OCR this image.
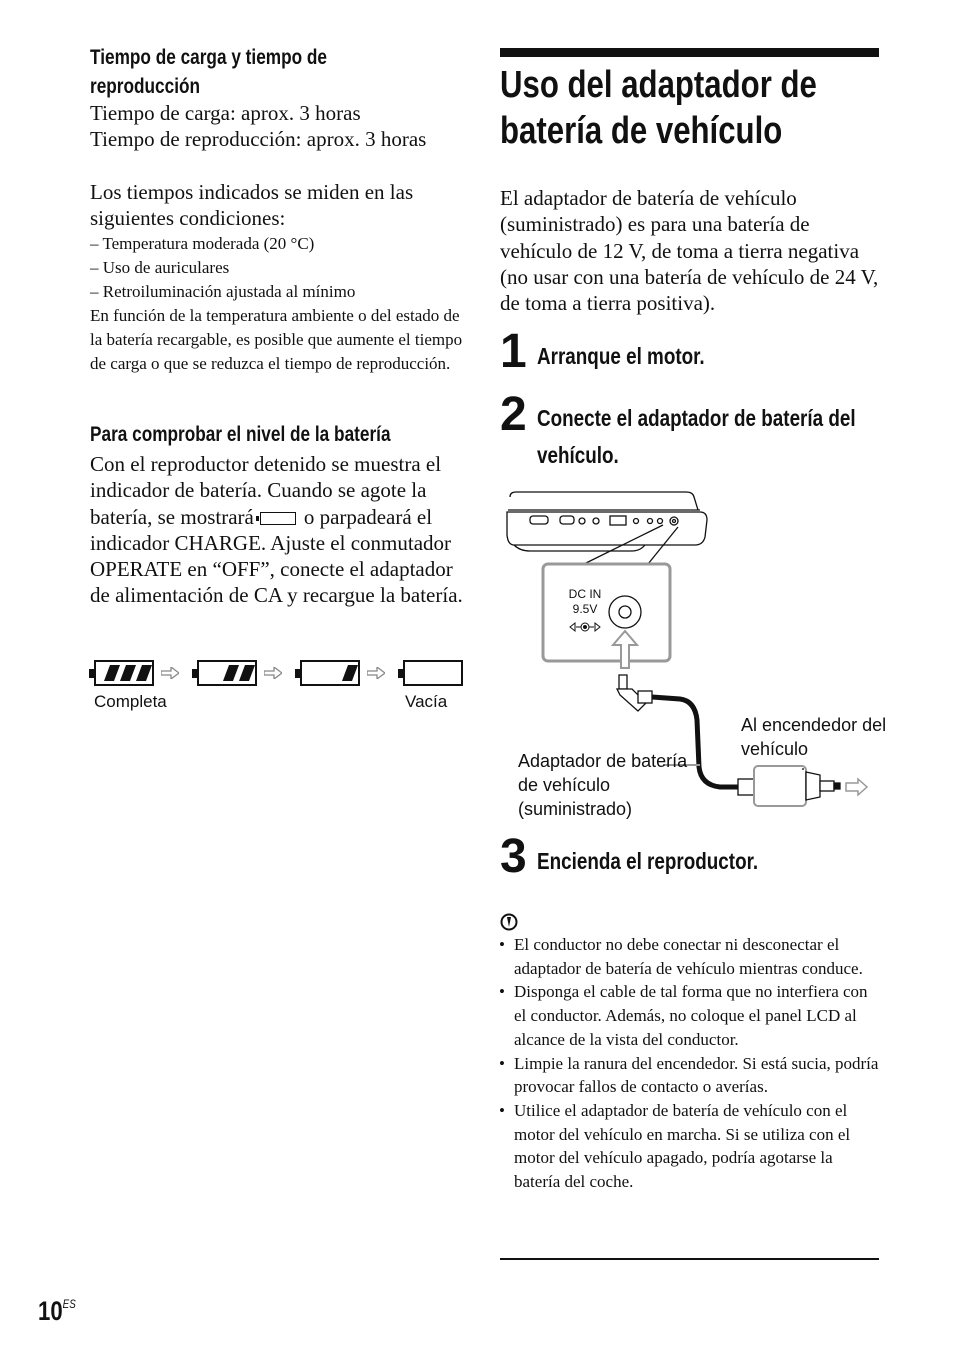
Tiempo de carga y tiempo de reproducción
Tiempo de carga: aprox. 3 horas
Tiempo de reproducción: aprox. 3 horas
Los tiempos indicados se miden en las siguientes condiciones:
– Temperatura moderada (20 °C)
– Uso de auriculares
– Retroiluminación ajustada al mínimo
En función de la temperatura ambiente o del estado de la batería recargable, es posible que aumente el tiempo de carga o que se reduzca el tiempo de reproducción.
Para comprobar el nivel de la batería
Con el reproductor detenido se muestra el indicador de batería. Cuando se agote la batería, se mostrará o parpadeará el indicador CHARGE. Ajuste el conmutador OPERATE en “OFF”, conecte el adaptador de alimentación de CA y recargue la batería.
Completa	Vacía
Uso del adaptador de batería de vehículo
El adaptador de batería de vehículo (suministrado) es para una batería de vehículo de 12 V, de toma a tierra negativa (no usar con una batería de vehículo de 24 V, de toma a tierra positiva).
1 Arranque el motor.
2 Conecte el adaptador de batería del vehículo.
DC IN
9.5V
Al encendedor del vehículo
Adaptador de batería de vehículo (suministrado)
3 Encienda el reproductor.
• El conductor no debe conectar ni desconectar el adaptador de batería de vehículo mientras conduce.
• Disponga el cable de tal forma que no interfiera con el conductor. Además, no coloque el panel LCD al alcance de la vista del conductor.
• Limpie la ranura del encendedor. Si está sucia, podría provocar fallos de contacto o averías.
• Utilice el adaptador de batería de vehículo con el motor del vehículo en marcha. Si se utiliza con el motor del vehículo apagado, podría agotarse la batería del coche.
$10^{ES}$
